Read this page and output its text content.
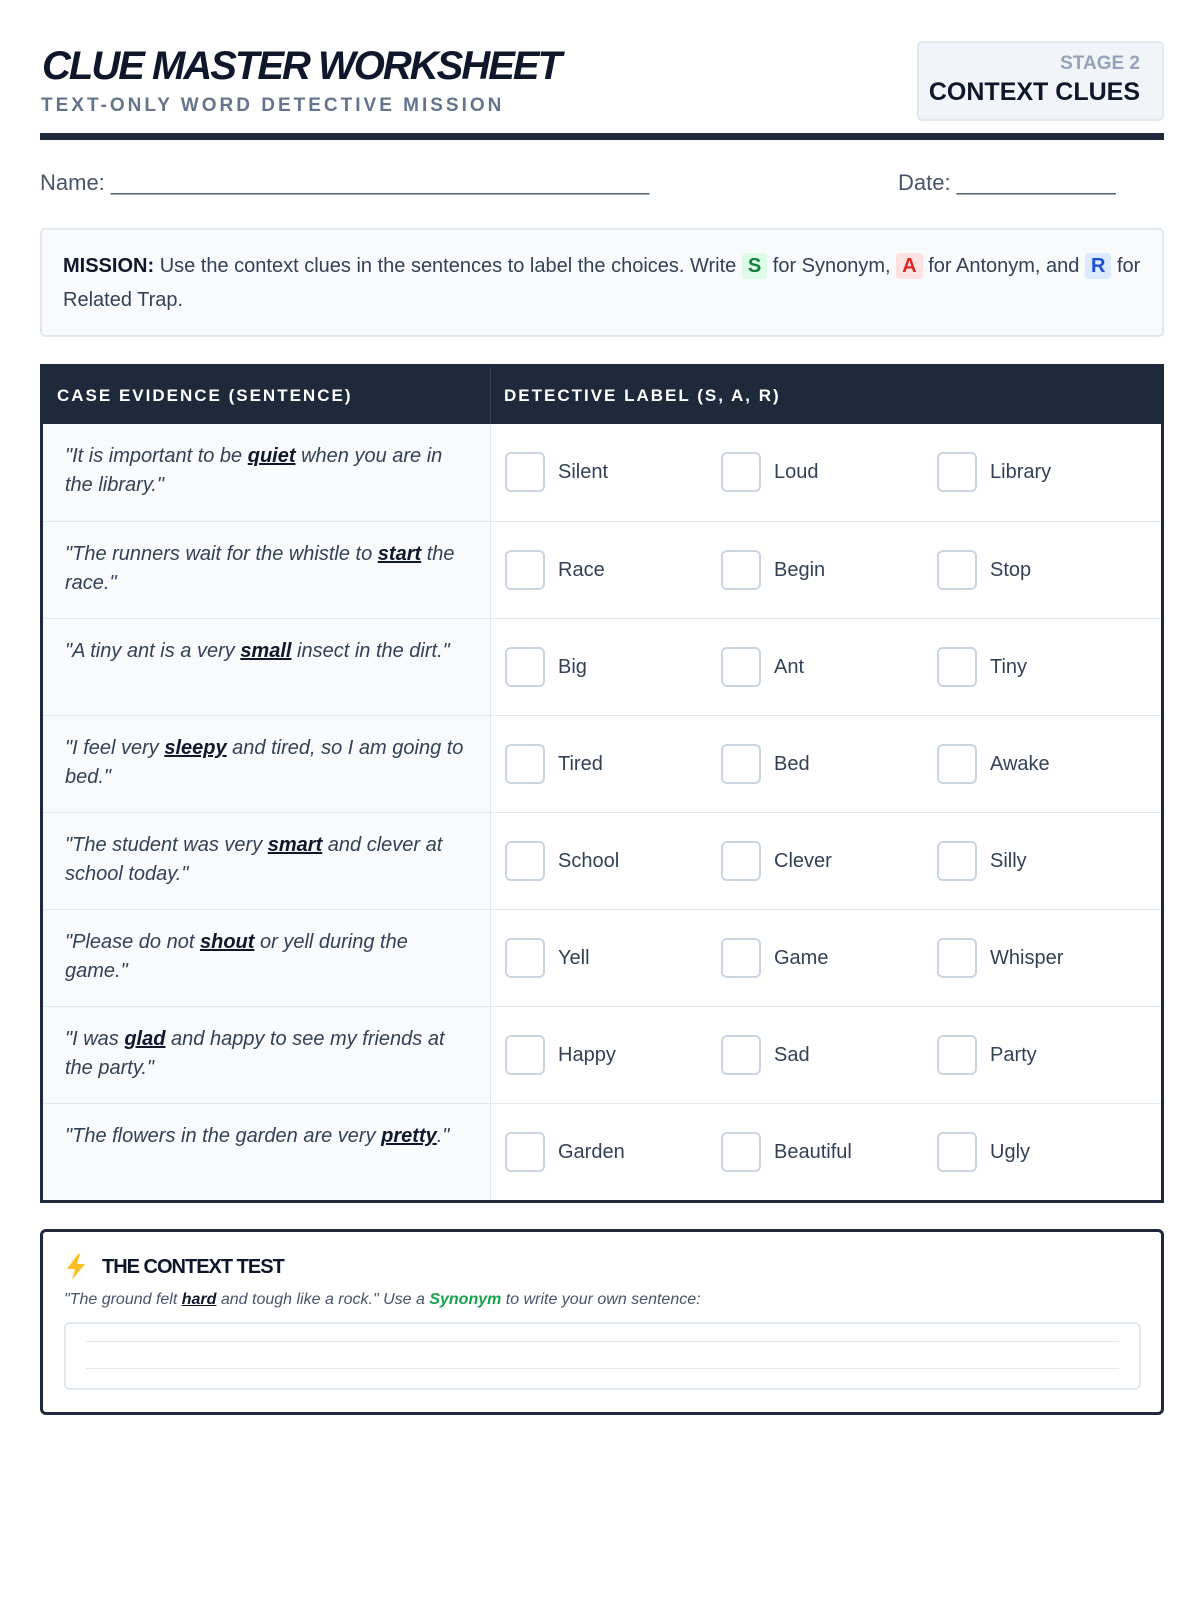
CLUE MASTER WORKSHEET
TEXT-ONLY WORD DETECTIVE MISSION
STAGE 2
CONTEXT CLUES
Name: ____________________________________________	Date: _____________
MISSION: Use the context clues in the sentences to label the choices. Write S for Synonym, A for Antonym, and R for Related Trap.
CASE EVIDENCE (SENTENCE)	DETECTIVE LABEL (S, A, R)
"It is important to be quiet when you are in the library."
Silent	Loud	Library
"The runners wait for the whistle to start the race."
Race	Begin	Stop
"A tiny ant is a very small insect in the dirt."
Big	Ant	Tiny
"I feel very sleepy and tired, so I am going to bed."
Tired	Bed	Awake
"The student was very smart and clever at school today."
School	Clever	Silly
"Please do not shout or yell during the game."
Yell	Game	Whisper
"I was glad and happy to see my friends at the party."
Happy	Sad	Party
"The flowers in the garden are very pretty."
Garden	Beautiful	Ugly
THE CONTEXT TEST
"The ground felt hard and tough like a rock." Use a Synonym to write your own sentence:
